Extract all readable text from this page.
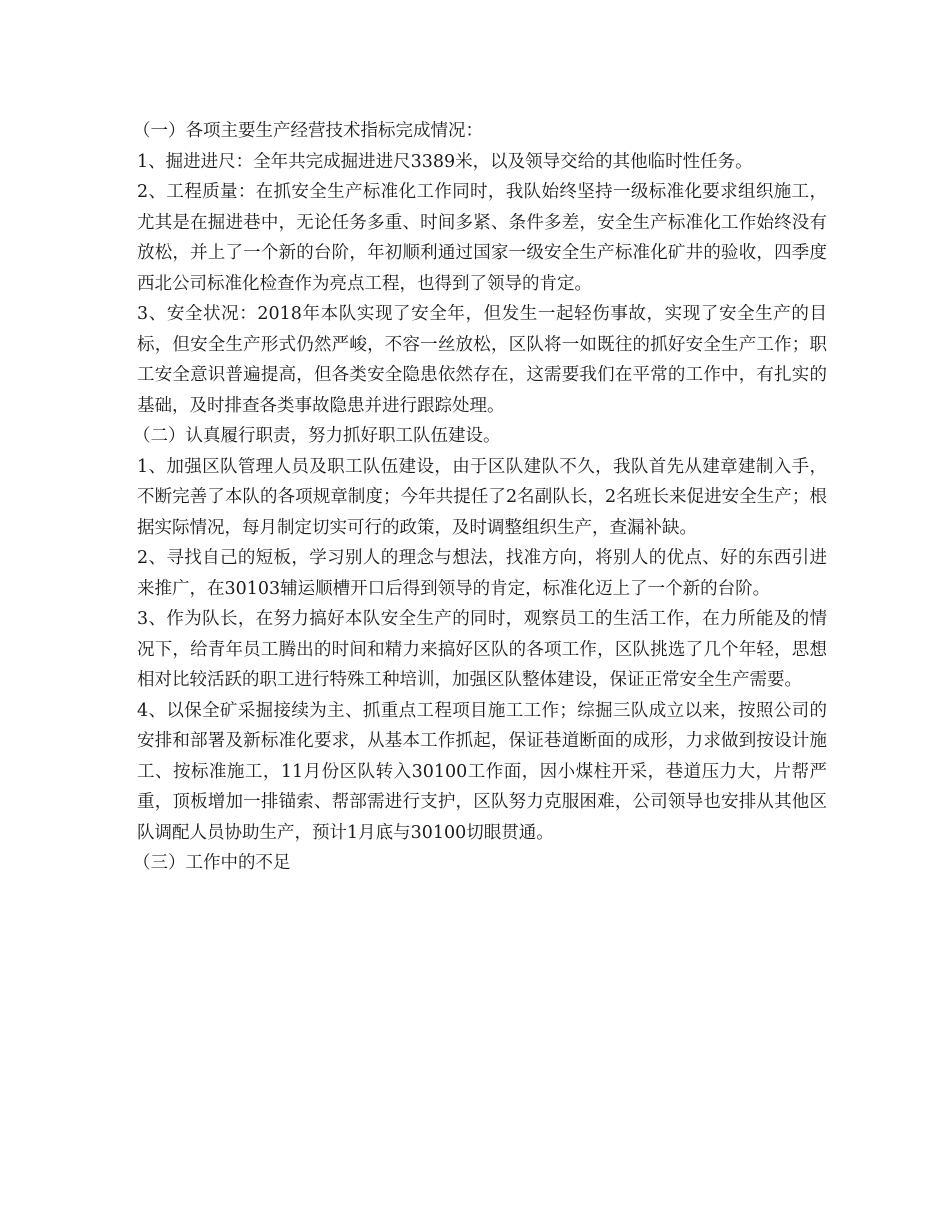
（一）各项主要生产经营技术指标完成情况：

1、掘进进尺：全年共完成掘进进尺3389米，以及领导交给的其他临时性任务。

2、工程质量：在抓安全生产标准化工作同时，我队始终坚持一级标准化要求组织施工，尤其是在掘进巷中，无论任务多重、时间多紧、条件多差，安全生产标准化工作始终没有放松，并上了一个新的台阶，年初顺利通过国家一级安全生产标准化矿井的验收，四季度西北公司标准化检查作为亮点工程，也得到了领导的肯定。

3、安全状况：2018年本队实现了安全年，但发生一起轻伤事故，实现了安全生产的目标，但安全生产形式仍然严峻，不容一丝放松，区队将一如既往的抓好安全生产工作；职工安全意识普遍提高，但各类安全隐患依然存在，这需要我们在平常的工作中，有扎实的基础，及时排查各类事故隐患并进行跟踪处理。

（二）认真履行职责，努力抓好职工队伍建设。

1、加强区队管理人员及职工队伍建设，由于区队建队不久，我队首先从建章建制入手，不断完善了本队的各项规章制度；今年共提任了2名副队长，2名班长来促进安全生产；根据实际情况，每月制定切实可行的政策，及时调整组织生产，查漏补缺。

2、寻找自己的短板，学习别人的理念与想法，找准方向，将别人的优点、好的东西引进来推广，在30103辅运顺槽开口后得到领导的肯定，标准化迈上了一个新的台阶。

3、作为队长，在努力搞好本队安全生产的同时，观察员工的生活工作，在力所能及的情况下，给青年员工腾出的时间和精力来搞好区队的各项工作，区队挑选了几个年轻，思想相对比较活跃的职工进行特殊工种培训，加强区队整体建设，保证正常安全生产需要。

4、以保全矿采掘接续为主、抓重点工程项目施工工作；综掘三队成立以来，按照公司的安排和部署及新标准化要求，从基本工作抓起，保证巷道断面的成形，力求做到按设计施工、按标准施工，11月份区队转入30100工作面，因小煤柱开采，巷道压力大，片帮严重，顶板增加一排锚索、帮部需进行支护，区队努力克服困难，公司领导也安排从其他区队调配人员协助生产，预计1月底与30100切眼贯通。

（三）工作中的不足
